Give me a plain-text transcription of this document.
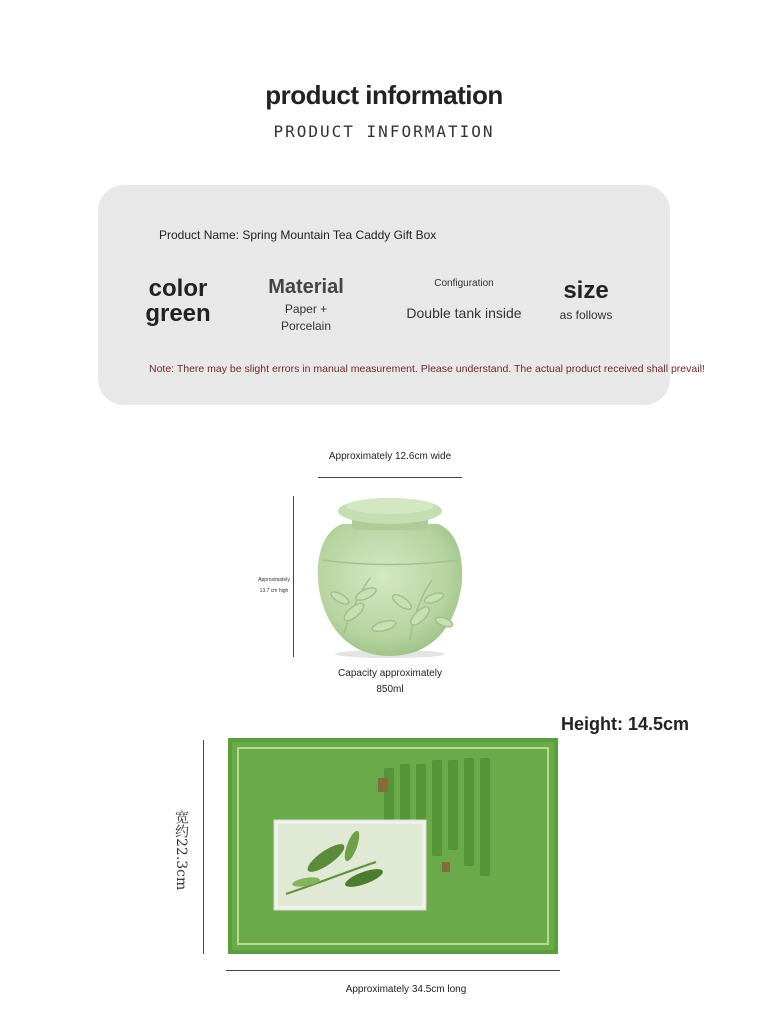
product information
PRODUCT INFORMATION
Product Name: Spring Mountain Tea Caddy Gift Box
color
green
Material
Paper +
Porcelain
Configuration
Double tank inside
size
as follows
Note: There may be slight errors in manual measurement. Please understand. The actual product received shall prevail!
Approximately 12.6cm wide
Approximately
13.7 cm high
Capacity approximately
850ml
Height: 14.5cm
宽约22.3cm
Approximately 34.5cm long
